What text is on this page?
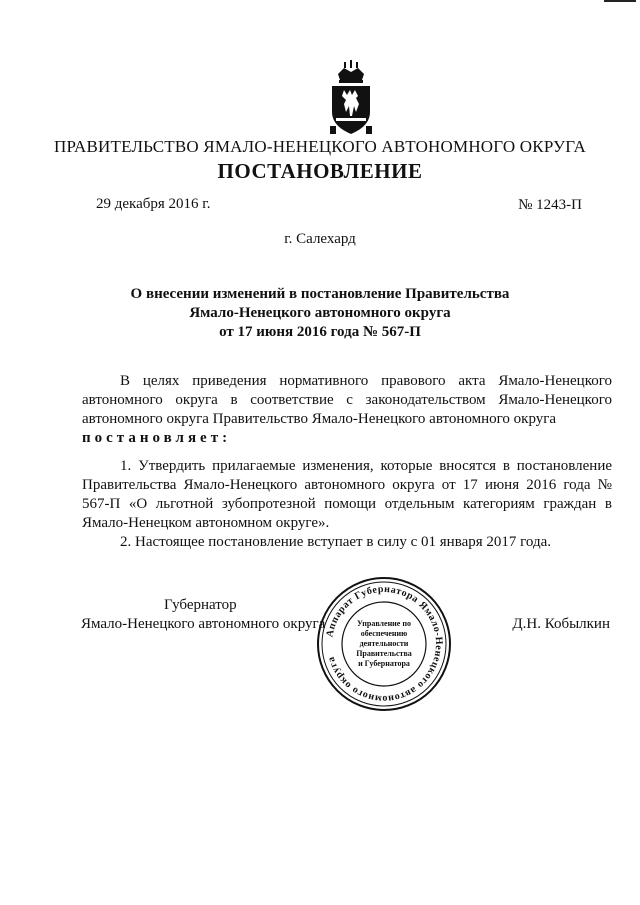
ПРАВИТЕЛЬСТВО ЯМАЛО-НЕНЕЦКОГО АВТОНОМНОГО ОКРУГА
ПОСТАНОВЛЕНИЕ
29 декабря 2016 г.	№ 1243-П
г. Салехард
О внесении изменений в постановление Правительства
Ямало-Ненецкого автономного округа
от 17 июня 2016 года № 567-П
В целях приведения нормативного правового акта Ямало-Ненецкого автономного округа в соответствие с законодательством Ямало-Ненецкого автономного округа Правительство Ямало-Ненецкого автономного округа
постановляет:
1. Утвердить прилагаемые изменения, которые вносятся в постановление Правительства Ямало-Ненецкого автономного округа от 17 июня 2016 года № 567-П «О льготной зубопротезной помощи отдельным категориям граждан в Ямало-Ненецком автономном округе».
2. Настоящее постановление вступает в силу с 01 января 2017 года.
Губернатор
Ямало-Ненецкого автономного округа	Д.Н. Кобылкин
Аппарат Губернатора Ямало-Ненецкого автономного округа
Управление по
обеспечению
деятельности
Правительства
и Губернатора
